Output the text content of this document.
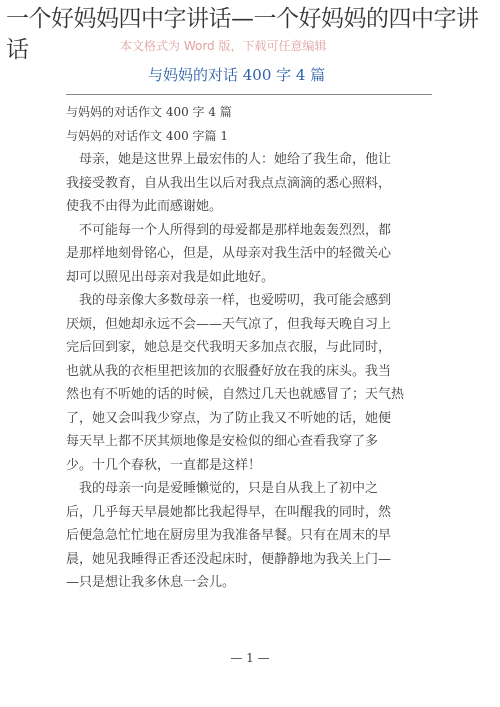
一个好妈妈四中字讲话—一个好妈妈的四中字讲话	本文格式为 Word 版，下载可任意编辑
与妈妈的对话 400 字 4 篇
与妈妈的对话作文 400 字 4 篇
与妈妈的对话作文 400 字篇 1
　母亲，她是这世界上最宏伟的人：她给了我生命，他让
我接受教育，自从我出生以后对我点点滴滴的悉心照料，
使我不由得为此而感谢她。
　不可能每一个人所得到的母爱都是那样地轰轰烈烈，都
是那样地刻骨铭心，但是，从母亲对我生活中的轻微关心
却可以照见出母亲对我是如此地好。
　我的母亲像大多数母亲一样，也爱唠叨，我可能会感到
厌烦，但她却永远不会——天气凉了，但我每天晚自习上
完后回到家，她总是交代我明天多加点衣服，与此同时，
也就从我的衣柜里把该加的衣服叠好放在我的床头。我当
然也有不听她的话的时候，自然过几天也就感冒了；天气热
了，她又会叫我少穿点，为了防止我又不听她的话，她便
每天早上都不厌其烦地像是安检似的细心查看我穿了多
少。十几个春秋，一直都是这样！
　我的母亲一向是爱睡懒觉的，只是自从我上了初中之
后，几乎每天早晨她都比我起得早，在叫醒我的同时，然
后便急急忙忙地在厨房里为我准备早餐。只有在周末的早
晨，她见我睡得正香还没起床时，便静静地为我关上门—
—只是想让我多休息一会儿。
— 1 —
